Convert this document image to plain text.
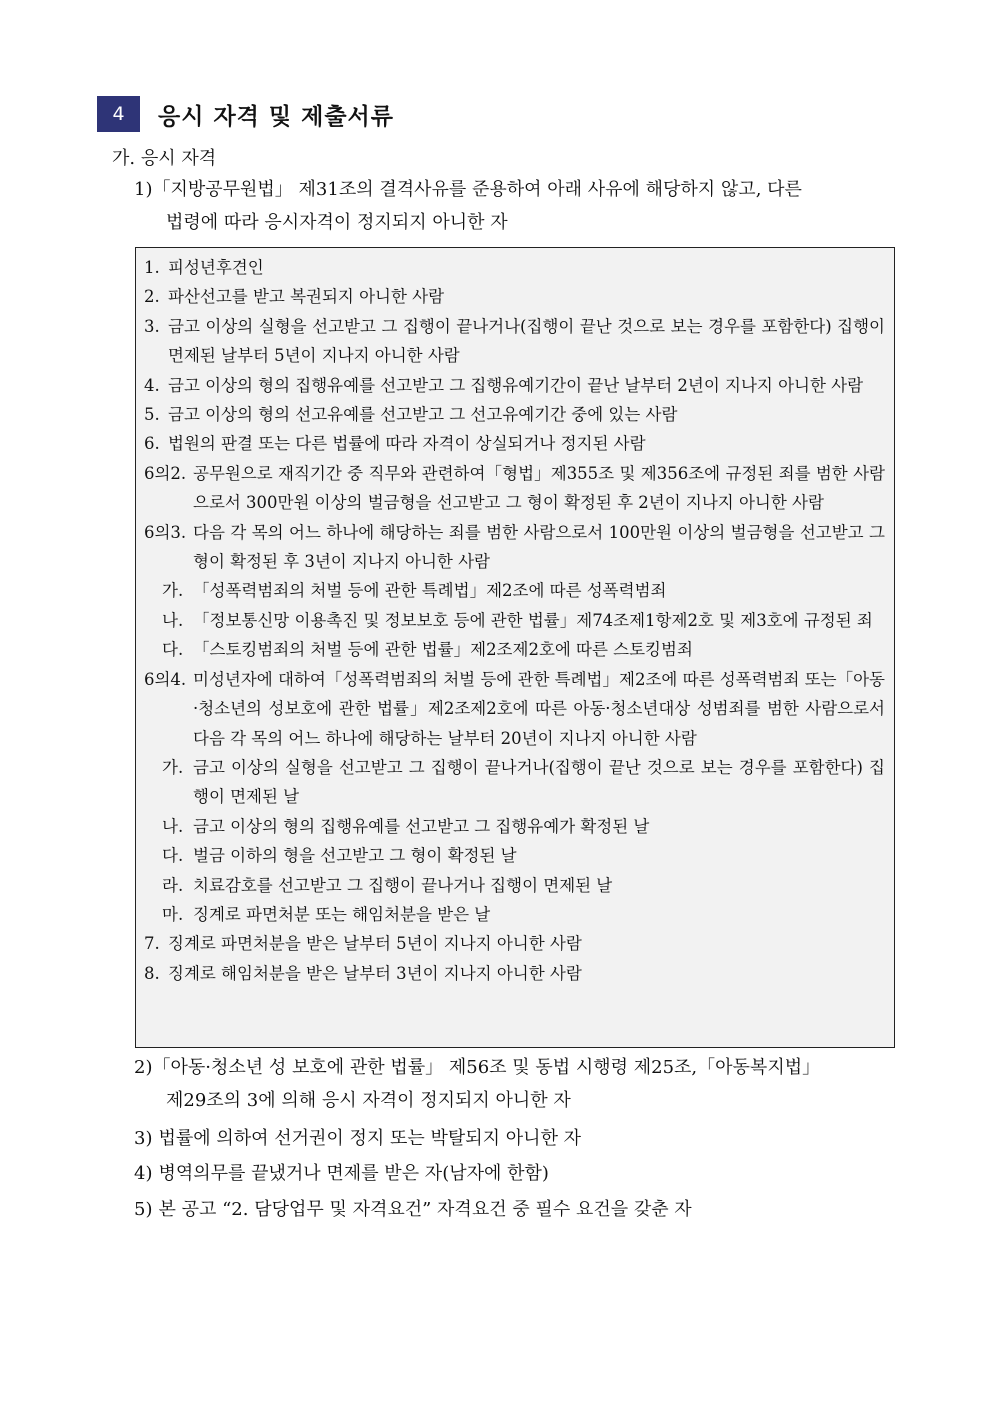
4	응시 자격 및 제출서류
가. 응시 자격
1) 「지방공무원법」 제31조의 결격사유를 준용하여 아래 사유에 해당하지 않고, 다른
법령에 따라 응시자격이 정지되지 아니한 자
1. 피성년후견인
2. 파산선고를 받고 복권되지 아니한 사람
3. 금고 이상의 실형을 선고받고 그 집행이 끝나거나(집행이 끝난 것으로 보는 경우를 포함한다) 집행이 면제된 날부터 5년이 지나지 아니한 사람
4. 금고 이상의 형의 집행유예를 선고받고 그 집행유예기간이 끝난 날부터 2년이 지나지 아니한 사람
5. 금고 이상의 형의 선고유예를 선고받고 그 선고유예기간 중에 있는 사람
6. 법원의 판결 또는 다른 법률에 따라 자격이 상실되거나 정지된 사람
6의2. 공무원으로 재직기간 중 직무와 관련하여「형법」제355조 및 제356조에 규정된 죄를 범한 사람으로서 300만원 이상의 벌금형을 선고받고 그 형이 확정된 후 2년이 지나지 아니한 사람
6의3. 다음 각 목의 어느 하나에 해당하는 죄를 범한 사람으로서 100만원 이상의 벌금형을 선고받고 그 형이 확정된 후 3년이 지나지 아니한 사람
가. 「성폭력범죄의 처벌 등에 관한 특례법」제2조에 따른 성폭력범죄
나. 「정보통신망 이용촉진 및 정보보호 등에 관한 법률」제74조제1항제2호 및 제3호에 규정된 죄
다. 「스토킹범죄의 처벌 등에 관한 법률」제2조제2호에 따른 스토킹범죄
6의4. 미성년자에 대하여「성폭력범죄의 처벌 등에 관한 특례법」제2조에 따른 성폭력범죄 또는「아동·청소년의 성보호에 관한 법률」제2조제2호에 따른 아동·청소년대상 성범죄를 범한 사람으로서 다음 각 목의 어느 하나에 해당하는 날부터 20년이 지나지 아니한 사람
가. 금고 이상의 실형을 선고받고 그 집행이 끝나거나(집행이 끝난 것으로 보는 경우를 포함한다) 집행이 면제된 날
나. 금고 이상의 형의 집행유예를 선고받고 그 집행유예가 확정된 날
다. 벌금 이하의 형을 선고받고 그 형이 확정된 날
라. 치료감호를 선고받고 그 집행이 끝나거나 집행이 면제된 날
마. 징계로 파면처분 또는 해임처분을 받은 날
7. 징계로 파면처분을 받은 날부터 5년이 지나지 아니한 사람
8. 징계로 해임처분을 받은 날부터 3년이 지나지 아니한 사람
2) 「아동·청소년 성 보호에 관한 법률」 제56조 및 동법 시행령 제25조,「아동복지법」
제29조의 3에 의해 응시 자격이 정지되지 아니한 자
3) 법률에 의하여 선거권이 정지 또는 박탈되지 아니한 자
4) 병역의무를 끝냈거나 면제를 받은 자(남자에 한함)
5) 본 공고 “2. 담당업무 및 자격요건” 자격요건 중 필수 요건을 갖춘 자
